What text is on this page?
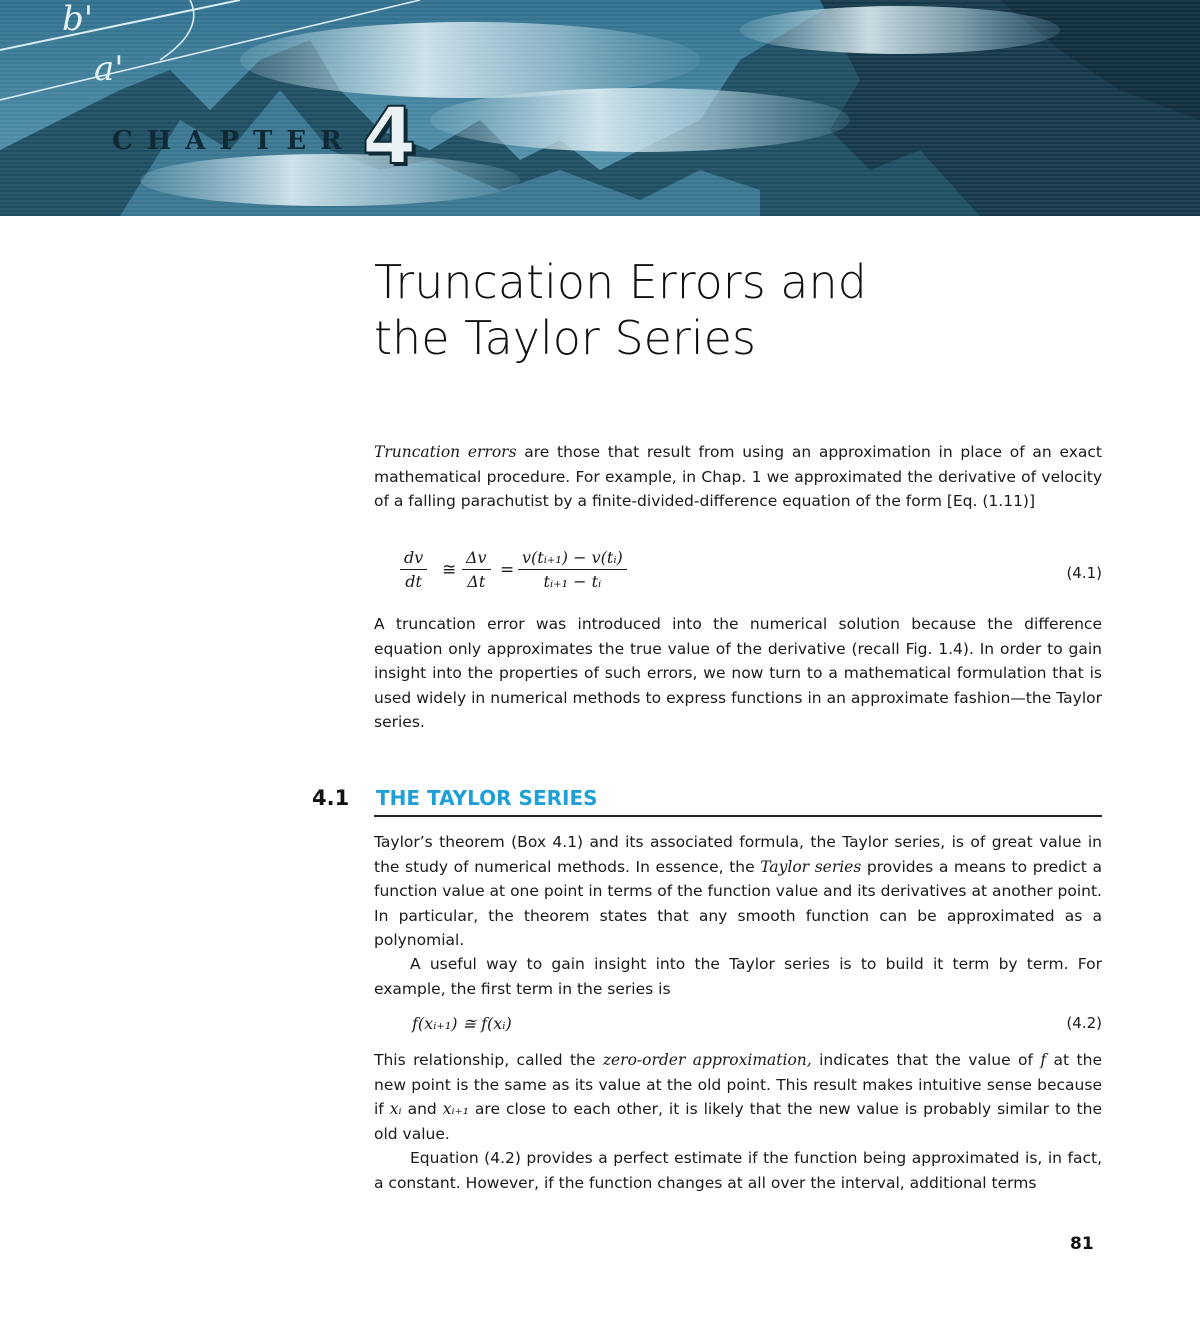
b'
a'
CHAPTER 4
Truncation Errors and
the Taylor Series
Truncation errors are those that result from using an approximation in place of an exact mathematical procedure. For example, in Chap. 1 we approximated the derivative of velocity of a falling parachutist by a finite-divided-difference equation of the form [Eq. (1.11)]
$\frac{dv}{dt}$ ≅ $\frac{\Delta v}{\Delta t} = \frac{\text{v(tᵢ₊₁) − v(tᵢ)}}{\text{tᵢ₊₁ − tᵢ}}$	(4.1)
A truncation error was introduced into the numerical solution because the difference equation only approximates the true value of the derivative (recall Fig. 1.4). In order to gain insight into the properties of such errors, we now turn to a mathematical formulation that is used widely in numerical methods to express functions in an approximate fashion—the Taylor series.
4.1 THE TAYLOR SERIES
Taylor’s theorem (Box 4.1) and its associated formula, the Taylor series, is of great value in the study of numerical methods. In essence, the Taylor series provides a means to predict a function value at one point in terms of the function value and its derivatives at another point. In particular, the theorem states that any smooth function can be approximated as a polynomial.
A useful way to gain insight into the Taylor series is to build it term by term. For example, the first term in the series is
f(xᵢ₊₁) ≅ f(xᵢ)	(4.2)
This relationship, called the zero-order approximation, indicates that the value of f at the new point is the same as its value at the old point. This result makes intuitive sense because if xᵢ and xᵢ₊₁ are close to each other, it is likely that the new value is probably similar to the old value.
Equation (4.2) provides a perfect estimate if the function being approximated is, in fact, a constant. However, if the function changes at all over the interval, additional terms
81
